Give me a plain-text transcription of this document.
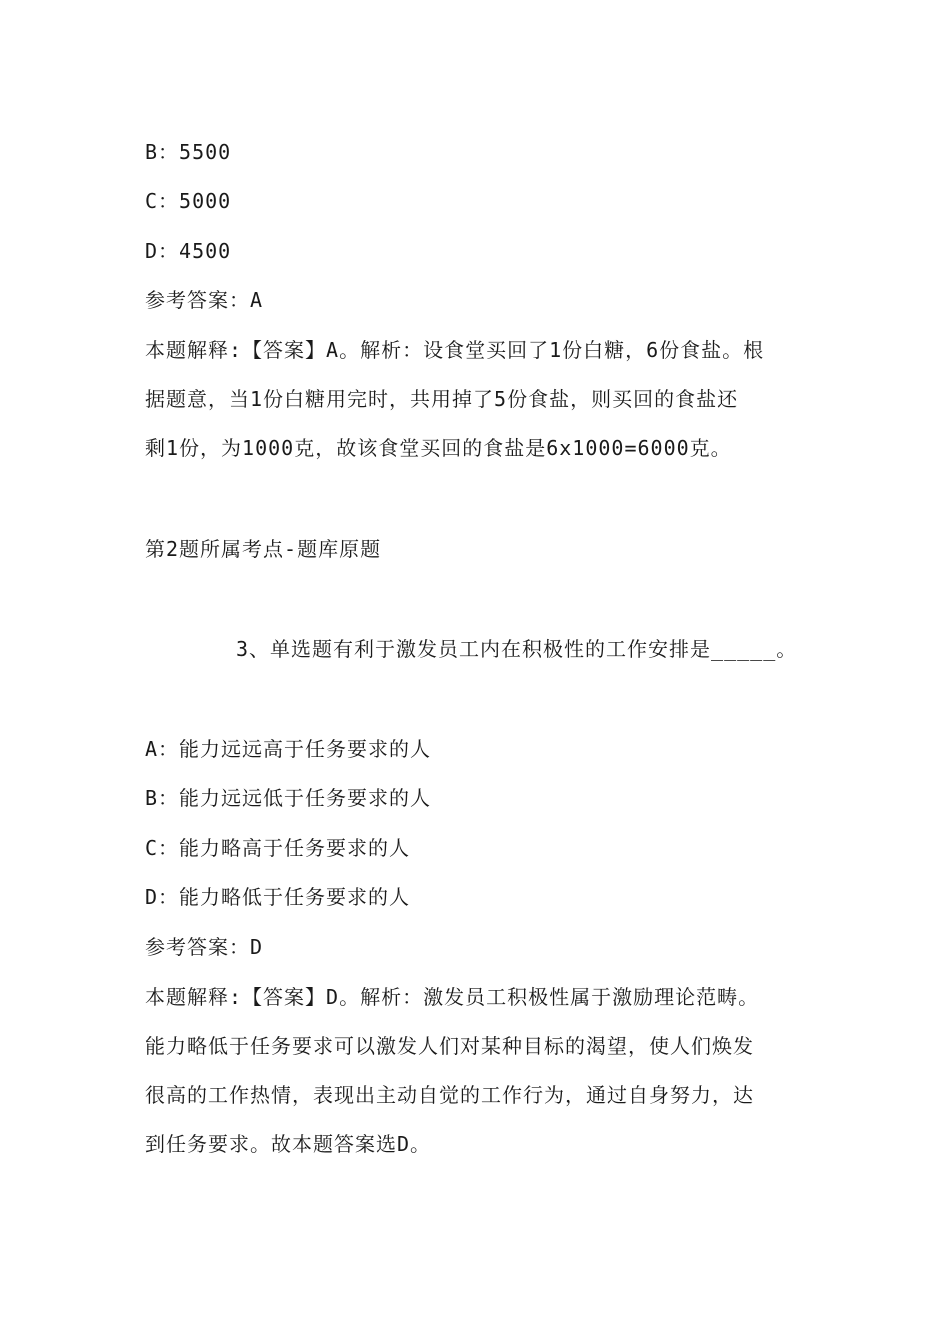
B：5500
C：5000
D：4500
参考答案：A
本题解释:【答案】A。解析：设食堂买回了1份白糖，6份食盐。根
据题意，当1份白糖用完时，共用掉了5份食盐，则买回的食盐还
剩1份，为1000克，故该食堂买回的食盐是6x1000=6000克。
第2题所属考点-题库原题
3、单选题有利于激发员工内在积极性的工作安排是_____。
A：能力远远高于任务要求的人
B：能力远远低于任务要求的人
C：能力略高于任务要求的人
D：能力略低于任务要求的人
参考答案：D
本题解释:【答案】D。解析：激发员工积极性属于激励理论范畴。
能力略低于任务要求可以激发人们对某种目标的渴望，使人们焕发
很高的工作热情，表现出主动自觉的工作行为，通过自身努力，达
到任务要求。故本题答案选D。
